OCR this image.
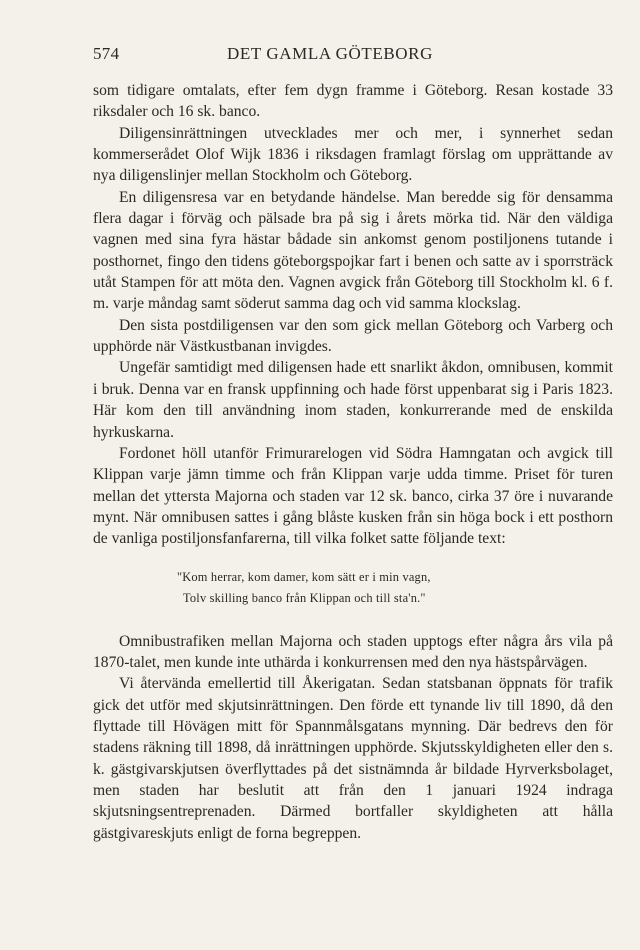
574	DET GAMLA GÖTEBORG

som tidigare omtalats, efter fem dygn framme i Göteborg. Resan kostade 33 riksdaler och 16 sk. banco.

Diligensinrättningen utvecklades mer och mer, i synnerhet sedan kommerserådet Olof Wijk 1836 i riksdagen framlagt förslag om upprättande av nya diligenslinjer mellan Stockholm och Göteborg.

En diligensresa var en betydande händelse. Man beredde sig för densamma flera dagar i förväg och pälsade bra på sig i årets mörka tid. När den väldiga vagnen med sina fyra hästar bådade sin ankomst genom postiljonens tutande i posthornet, fingo den tidens göteborgspojkar fart i benen och satte av i sporrsträck utåt Stampen för att möta den. Vagnen avgick från Göteborg till Stockholm kl. 6 f. m. varje måndag samt söderut samma dag och vid samma klockslag.

Den sista postdiligensen var den som gick mellan Göteborg och Varberg och upphörde när Västkustbanan invigdes.

Ungefär samtidigt med diligensen hade ett snarlikt åkdon, omnibusen, kommit i bruk. Denna var en fransk uppfinning och hade först uppenbarat sig i Paris 1823. Här kom den till användning inom staden, konkurrerande med de enskilda hyrkuskarna.

Fordonet höll utanför Frimurarelogen vid Södra Hamngatan och avgick till Klippan varje jämn timme och från Klippan varje udda timme. Priset för turen mellan det yttersta Majorna och staden var 12 sk. banco, cirka 37 öre i nuvarande mynt. När omnibusen sattes i gång blåste kusken från sin höga bock i ett posthorn de vanliga postiljonsfanfarerna, till vilka folket satte följande text:

"Kom herrar, kom damer, kom sätt er i min vagn,
Tolv skilling banco från Klippan och till sta'n."

Omnibustrafiken mellan Majorna och staden upptogs efter några års vila på 1870-talet, men kunde inte uthärda i konkurrensen med den nya hästspårvägen.

Vi återvända emellertid till Åkerigatan. Sedan statsbanan öppnats för trafik gick det utför med skjutsinrättningen. Den förde ett tynande liv till 1890, då den flyttade till Hövägen mitt för Spannmålsgatans mynning. Där bedrevs den för stadens räkning till 1898, då inrättningen upphörde. Skjutsskyldigheten eller den s. k. gästgivarskjutsen överflyttades på det sistnämnda år bildade Hyrverksbolaget, men staden har beslutit att från den 1 januari 1924 indraga skjutsningsentreprenaden. Därmed bortfaller skyldigheten att hålla gästgivareskjuts enligt de forna begreppen.
